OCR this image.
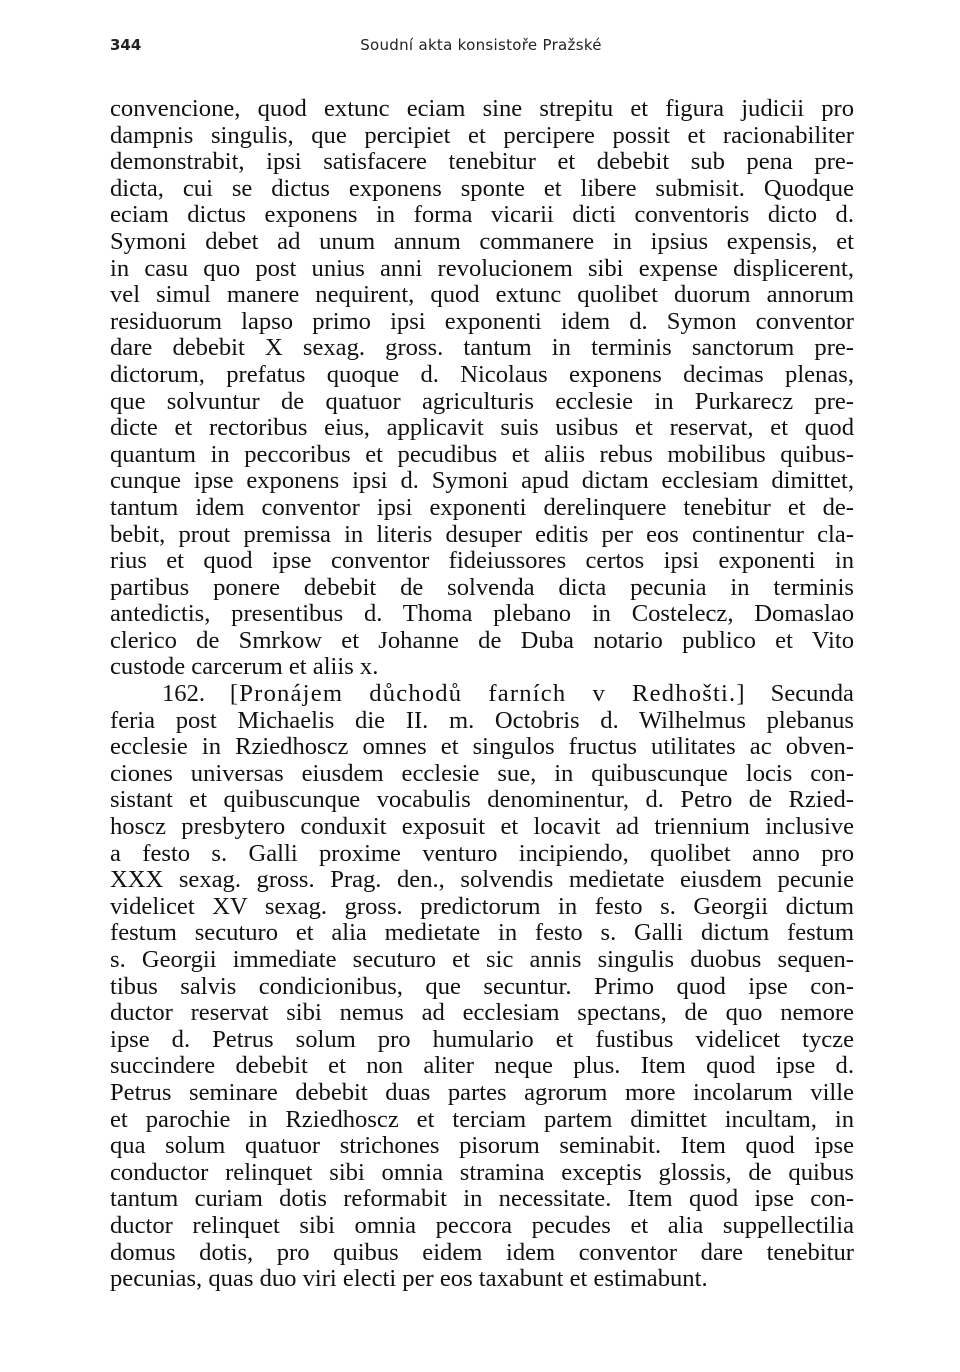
344	Soudní akta konsistoře Pražské
convencione, quod extunc eciam sine strepitu et figura judicii pro
dampnis singulis, que percipiet et percipere possit et racionabiliter
demonstrabit, ipsi satisfacere tenebitur et debebit sub pena pre-
dicta, cui se dictus exponens sponte et libere submisit. Quodque
eciam dictus exponens in forma vicarii dicti conventoris dicto d.
Symoni debet ad unum annum commanere in ipsius expensis, et
in casu quo post unius anni revolucionem sibi expense displicerent,
vel simul manere nequirent, quod extunc quolibet duorum annorum
residuorum lapso primo ipsi exponenti idem d. Symon conventor
dare debebit X sexag. gross. tantum in terminis sanctorum pre-
dictorum, prefatus quoque d. Nicolaus exponens decimas plenas,
que solvuntur de quatuor agriculturis ecclesie in Purkarecz pre-
dicte et rectoribus eius, applicavit suis usibus et reservat, et quod
quantum in peccoribus et pecudibus et aliis rebus mobilibus quibus-
cunque ipse exponens ipsi d. Symoni apud dictam ecclesiam dimittet,
tantum idem conventor ipsi exponenti derelinquere tenebitur et de-
bebit, prout premissa in literis desuper editis per eos continentur cla-
rius et quod ipse conventor fideiussores certos ipsi exponenti in
partibus ponere debebit de solvenda dicta pecunia in terminis
antedictis, presentibus d. Thoma plebano in Costelecz, Domaslao
clerico de Smrkow et Johanne de Duba notario publico et Vito
custode carcerum et aliis x.
162. [Pronájem důchodů farních v Redhošti.] Secunda
feria post Michaelis die II. m. Octobris d. Wilhelmus plebanus
ecclesie in Rziedhoscz omnes et singulos fructus utilitates ac obven-
ciones universas eiusdem ecclesie sue, in quibuscunque locis con-
sistant et quibuscunque vocabulis denominentur, d. Petro de Rzied-
hoscz presbytero conduxit exposuit et locavit ad triennium inclusive
a festo s. Galli proxime venturo incipiendo, quolibet anno pro
XXX sexag. gross. Prag. den., solvendis medietate eiusdem pecunie
videlicet XV sexag. gross. predictorum in festo s. Georgii dictum
festum secuturo et alia medietate in festo s. Galli dictum festum
s. Georgii immediate secuturo et sic annis singulis duobus sequen-
tibus salvis condicionibus, que secuntur. Primo quod ipse con-
ductor reservat sibi nemus ad ecclesiam spectans, de quo nemore
ipse d. Petrus solum pro humulario et fustibus videlicet tycze
succindere debebit et non aliter neque plus. Item quod ipse d.
Petrus seminare debebit duas partes agrorum more incolarum ville
et parochie in Rziedhoscz et terciam partem dimittet incultam, in
qua solum quatuor strichones pisorum seminabit. Item quod ipse
conductor relinquet sibi omnia stramina exceptis glossis, de quibus
tantum curiam dotis reformabit in necessitate. Item quod ipse con-
ductor relinquet sibi omnia peccora pecudes et alia suppellectilia
domus dotis, pro quibus eidem idem conventor dare tenebitur
pecunias, quas duo viri electi per eos taxabunt et estimabunt.
